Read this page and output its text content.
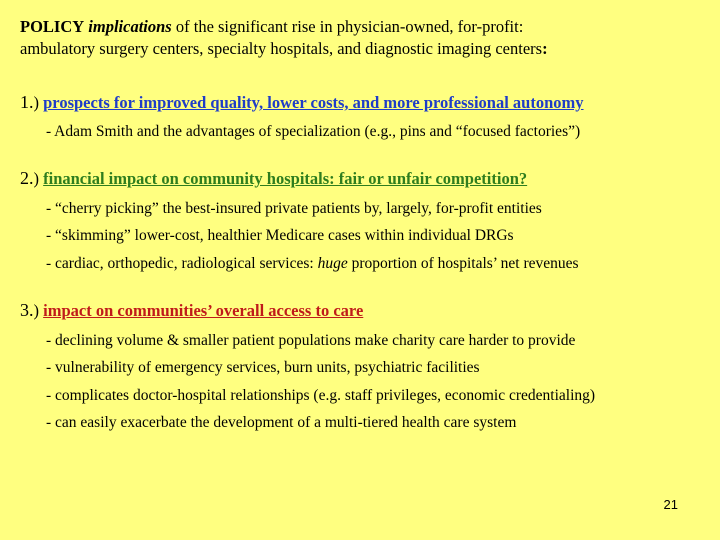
POLICY implications of the significant rise in physician-owned, for-profit:
ambulatory surgery centers, specialty hospitals, and diagnostic imaging centers:
1.) prospects for improved quality, lower costs, and more professional autonomy
- Adam Smith and the advantages of specialization (e.g., pins and “focused factories”)
2.) financial impact on community hospitals: fair or unfair competition?
- “cherry picking” the best-insured private patients by, largely, for-profit entities
- “skimming” lower-cost, healthier Medicare cases within individual DRGs
- cardiac, orthopedic, radiological services: huge proportion of hospitals’ net revenues
3.) impact on communities’ overall access to care
- declining volume & smaller patient populations make charity care harder to provide
- vulnerability of emergency services, burn units, psychiatric facilities
- complicates doctor-hospital relationships (e.g. staff privileges, economic credentialing)
- can easily exacerbate the development of a multi-tiered health care system
21
